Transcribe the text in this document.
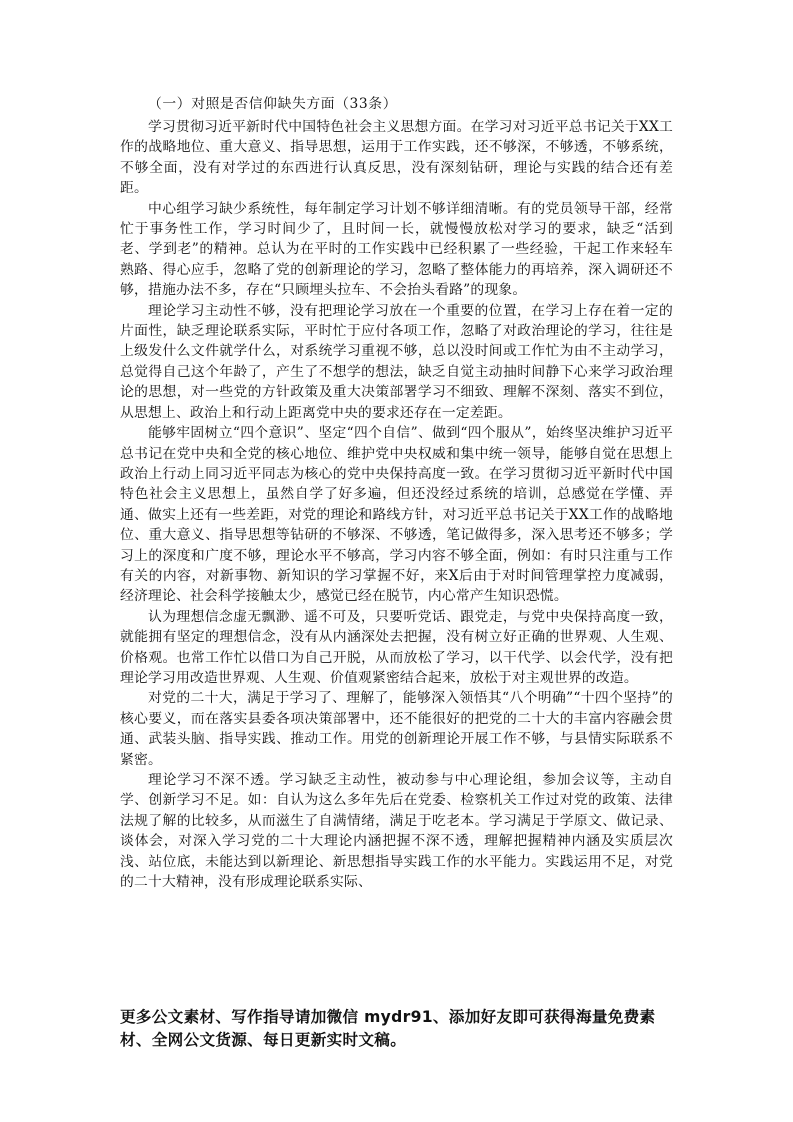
（一）对照是否信仰缺失方面（33条）

学习贯彻习近平新时代中国特色社会主义思想方面。在学习对习近平总书记关于XX工作的战略地位、重大意义、指导思想，运用于工作实践，还不够深，不够透，不够系统，不够全面，没有对学过的东西进行认真反思，没有深刻钻研，理论与实践的结合还有差距。

中心组学习缺少系统性，每年制定学习计划不够详细清晰。有的党员领导干部，经常忙于事务性工作，学习时间少了，且时间一长，就慢慢放松对学习的要求，缺乏“活到老、学到老”的精神。总认为在平时的工作实践中已经积累了一些经验，干起工作来轻车熟路、得心应手，忽略了党的创新理论的学习，忽略了整体能力的再培养，深入调研还不够，措施办法不多，存在“只顾埋头拉车、不会抬头看路”的现象。

理论学习主动性不够，没有把理论学习放在一个重要的位置，在学习上存在着一定的片面性，缺乏理论联系实际，平时忙于应付各项工作，忽略了对政治理论的学习，往往是上级发什么文件就学什么，对系统学习重视不够，总以没时间或工作忙为由不主动学习，总觉得自己这个年龄了，产生了不想学的想法，缺乏自觉主动抽时间静下心来学习政治理论的思想，对一些党的方针政策及重大决策部署学习不细致、理解不深刻、落实不到位，从思想上、政治上和行动上距离党中央的要求还存在一定差距。

能够牢固树立“四个意识”、坚定“四个自信”、做到“四个服从”，始终坚决维护习近平总书记在党中央和全党的核心地位、维护党中央权威和集中统一领导，能够自觉在思想上政治上行动上同习近平同志为核心的党中央保持高度一致。在学习贯彻习近平新时代中国特色社会主义思想上，虽然自学了好多遍，但还没经过系统的培训，总感觉在学懂、弄通、做实上还有一些差距，对党的理论和路线方针，对习近平总书记关于XX工作的战略地位、重大意义、指导思想等钻研的不够深、不够透，笔记做得多，深入思考还不够多；学习上的深度和广度不够，理论水平不够高，学习内容不够全面，例如：有时只注重与工作有关的内容，对新事物、新知识的学习掌握不好，来X后由于对时间管理掌控力度减弱，经济理论、社会科学接触太少，感觉已经在脱节，内心常产生知识恐慌。

认为理想信念虚无飘渺、遥不可及，只要听党话、跟党走，与党中央保持高度一致，就能拥有坚定的理想信念，没有从内涵深处去把握，没有树立好正确的世界观、人生观、价格观。也常工作忙以借口为自己开脱，从而放松了学习，以干代学、以会代学，没有把理论学习用改造世界观、人生观、价值观紧密结合起来，放松于对主观世界的改造。

对党的二十大，满足于学习了、理解了，能够深入领悟其“八个明确”“十四个坚持”的核心要义，而在落实县委各项决策部署中，还不能很好的把党的二十大的丰富内容融会贯通、武装头脑、指导实践、推动工作。用党的创新理论开展工作不够，与县情实际联系不紧密。

理论学习不深不透。学习缺乏主动性，被动参与中心理论组，参加会议等，主动自学、创新学习不足。如：自认为这么多年先后在党委、检察机关工作过对党的政策、法律法规了解的比较多，从而滋生了自满情绪，满足于吃老本。学习满足于学原文、做记录、谈体会，对深入学习党的二十大理论内涵把握不深不透，理解把握精神内涵及实质层次浅、站位底，未能达到以新理论、新思想指导实践工作的水平能力。实践运用不足，对党的二十大精神，没有形成理论联系实际、

更多公文素材、写作指导请加微信 mydr91、添加好友即可获得海量免费素材、全网公文货源、每日更新实时文稿。
